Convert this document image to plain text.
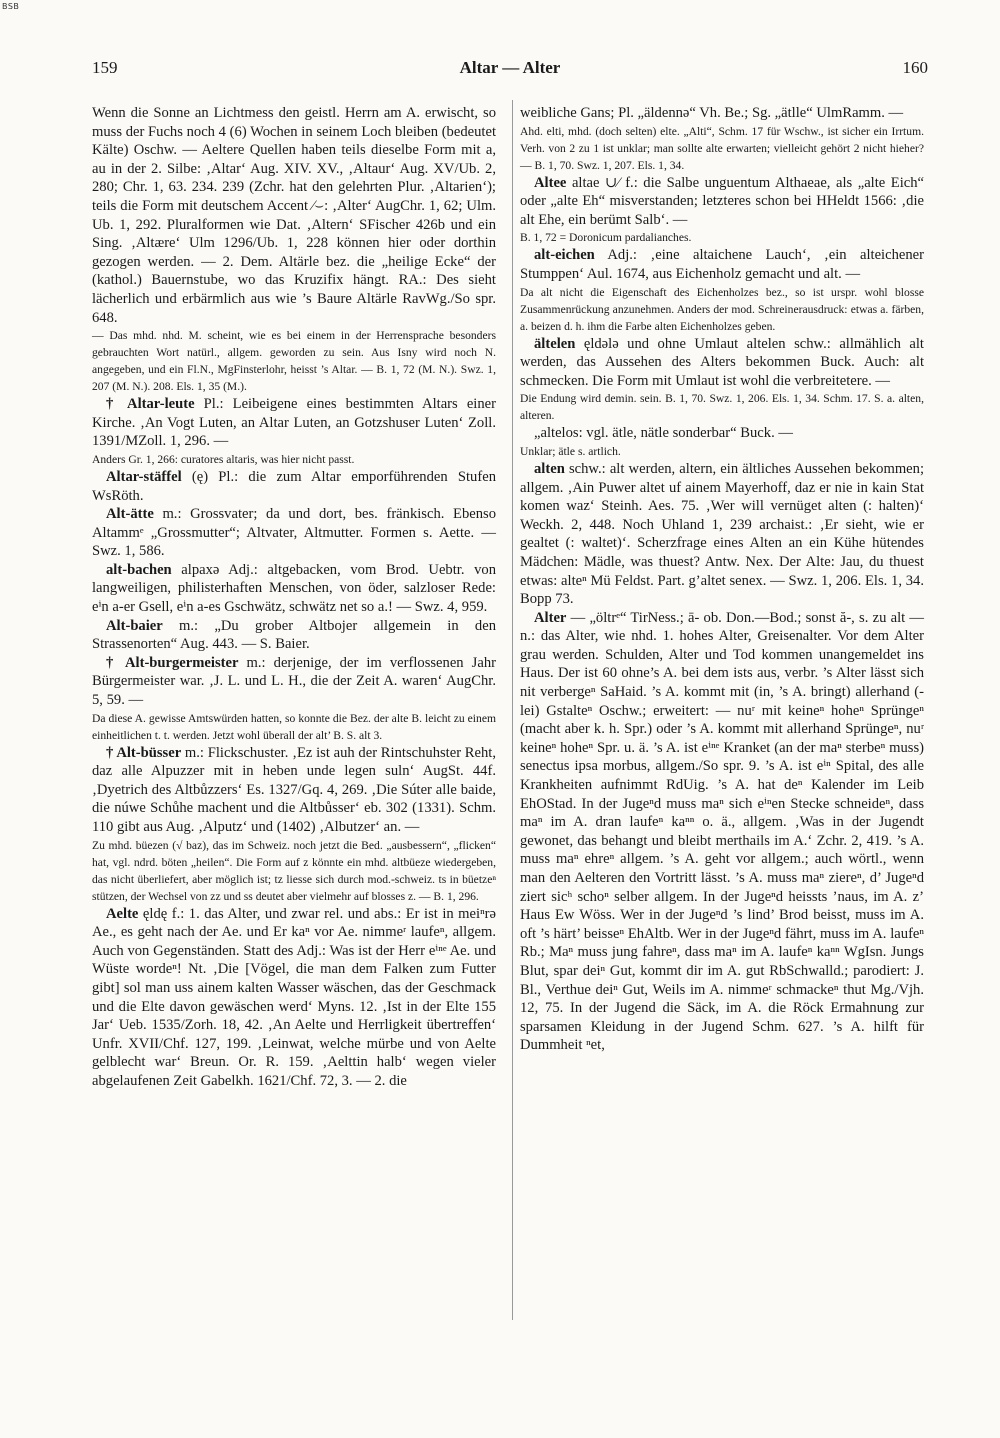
BSB
159	Altar — Alter	160

Wenn die Sonne an Lichtmess den geistl. Herrn am A. erwischt, so muss der Fuchs noch 4 (6) Wochen in seinem Loch bleiben (bedeutet Kälte) Oschw. — Aeltere Quellen haben teils dieselbe Form mit a, au in der 2. Silbe: ‚Altar‘ Aug. XIV. XV., ‚Altaur‘ Aug. XV/Ub. 2, 280; Chr. 1, 63. 234. 239 (Zchr. hat den gelehrten Plur. ‚Altarien‘); teils die Form mit deutschem Accent ∕⌣: ‚Alter‘ AugChr. 1, 62; Ulm. Ub. 1, 292. Pluralformen wie Dat. ‚Altern‘ SFischer 426b und ein Sing. ‚Altære‘ Ulm 1296/Ub. 1, 228 können hier oder dorthin gezogen werden. — 2. Dem. Altärle bez. die „heilige Ecke“ der (kathol.) Bauernstube, wo das Kruzifix hängt. RA.: Des sieht lächerlich und erbärmlich aus wie ’s Baure Altärle RavWg./So spr. 648.

— Das mhd. nhd. M. scheint, wie es bei einem in der Herrensprache besonders gebrauchten Wort natürl., allgem. geworden zu sein. Aus Isny wird noch N. angegeben, und ein Fl.N., MgFinsterlohr, heisst ’s Altar. — B. 1, 72 (M. N.). Swz. 1, 207 (M. N.). 208. Els. 1, 35 (M.).

† Altar-leute Pl.: Leibeigene eines bestimmten Altars einer Kirche. ‚An Vogt Luten, an Altar Luten, an Gotzshuser Luten‘ Zoll. 1391/MZoll. 1, 296. —

Anders Gr. 1, 266: curatores altaris, was hier nicht passt.

Altar-stäffel (ę) Pl.: die zum Altar emporführenden Stufen WsRöth.

Alt-ätte m.: Grossvater; da und dort, bes. fränkisch. Ebenso Altammᵉ „Grossmutter“; Altvater, Altmutter. Formen s. Aette. — Swz. 1, 586.

alt-bachen alpaxə Adj.: altgebacken, vom Brod. Uebtr. von langweiligen, philisterhaften Menschen, von öder, salzloser Rede: eⁱn a-er Gsell, eⁱn a-es Gschwätz, schwätz net so a.! — Swz. 4, 959.

Alt-baier m.: „Du grober Altbojer allgemein in den Strassenorten“ Aug. 443. — S. Baier.

† Alt-burgermeister m.: derjenige, der im verflossenen Jahr Bürgermeister war. ‚J. L. und L. H., die der Zeit A. waren‘ AugChr. 5, 59. —

Da diese A. gewisse Amtswürden hatten, so konnte die Bez. der alte B. leicht zu einem einheitlichen t. t. werden. Jetzt wohl überall der alt’ B. S. alt 3.

† Alt-büsser m.: Flickschuster. ‚Ez ist auh der Rintschuhster Reht, daz alle Alpuzzer mit in heben unde legen suln‘ AugSt. 44f. ‚Dyetrich des Altbůzzers‘ Es. 1327/Gq. 4, 269. ‚Die Súter alle baide, die núwe Schůhe machent und die Altbůsser‘ eb. 302 (1331). Schm. 110 gibt aus Aug. ‚Alputz‘ und (1402) ‚Albutzer‘ an. —

Zu mhd. büezen (√ baz), das im Schweiz. noch jetzt die Bed. „ausbessern“, „flicken“ hat, vgl. ndrd. böten „heilen“. Die Form auf z könnte ein mhd. altbüeze wiedergeben, das nicht überliefert, aber möglich ist; tz liesse sich durch mod.-schweiz. ts in büetzeⁿ stützen, der Wechsel von zz und ss deutet aber vielmehr auf blosses z. — B. 1, 296.

Aelte ęldę f.: 1. das Alter, und zwar rel. und abs.: Er ist in meiⁿrə Ae., es geht nach der Ae. und Er kaⁿ vor Ae. nimmeʳ laufeⁿ, allgem. Auch von Gegenständen. Statt des Adj.: Was ist der Herr eⁱⁿᵉ Ae. und Wüste wordeⁿ! Nt. ‚Die [Vögel, die man dem Falken zum Futter gibt] sol man uss ainem kalten Wasser wäschen, das der Geschmack und die Elte davon gewäschen werd‘ Myns. 12. ‚Ist in der Elte 155 Jar‘ Ueb. 1535/Zorh. 18, 42. ‚An Aelte und Herrligkeit übertreffen‘ Unfr. XVII/Chf. 127, 199. ‚Leinwat, welche mürbe und von Aelte gelblecht war‘ Breun. Or. R. 159. ‚Aelttin halb‘ wegen vieler abgelaufenen Zeit Gabelkh. 1621/Chf. 72, 3. — 2. die

weibliche Gans; Pl. „äldennə“ Vh. Be.; Sg. „ätlle“ UlmRamm. —

Ahd. elti, mhd. (doch selten) elte. „Alti“, Schm. 17 für Wschw., ist sicher ein Irrtum. Verh. von 2 zu 1 ist unklar; man sollte alte erwarten; vielleicht gehört 2 nicht hieher? — B. 1, 70. Swz. 1, 207. Els. 1, 34.

Altee altae ∪∕ f.: die Salbe unguentum Althaeae, als „alte Eich“ oder „alte Eh“ misverstanden; letzteres schon bei HHeldt 1566: ‚die alt Ehe, ein berümt Salb‘. —

B. 1, 72 = Doronicum pardalianches.

alt-eichen Adj.: ‚eine altaichene Lauch‘, ‚ein alteichener Stumppen‘ Aul. 1674, aus Eichenholz gemacht und alt. —

Da alt nicht die Eigenschaft des Eichenholzes bez., so ist urspr. wohl blosse Zusammenrückung anzunehmen. Anders der mod. Schreinerausdruck: etwas a. färben, a. beizen d. h. ihm die Farbe alten Eichenholzes geben.

ältelen ęldələ und ohne Umlaut altelen schw.: allmählich alt werden, das Aussehen des Alters bekommen Buck. Auch: alt schmecken. Die Form mit Umlaut ist wohl die verbreitetere. —

Die Endung wird demin. sein. B. 1, 70. Swz. 1, 206. Els. 1, 34. Schm. 17. S. a. alten, alteren.

„altelos: vgl. ätle, nätle sonderbar“ Buck. —

Unklar; ätle s. artlich.

alten schw.: alt werden, altern, ein ältliches Aussehen bekommen; allgem. ‚Ain Puwer altet uf ainem Mayerhoff, daz er nie in kain Stat komen waz‘ Steinh. Aes. 75. ‚Wer will vernüget alten (: halten)‘ Weckh. 2, 448. Noch Uhland 1, 239 archaist.: ‚Er sieht, wie er gealtet (: waltet)‘. Scherzfrage eines Alten an ein Kühe hütendes Mädchen: Mädle, was thuest? Antw. Nex. Der Alte: Jau, du thuest etwas: alteⁿ Mü Feldst. Part. g’altet senex. — Swz. 1, 206. Els. 1, 34. Bopp 73.

Alter — „öltrᵉ“ TirNess.; ā- ob. Don.—Bod.; sonst ă-, s. zu alt — n.: das Alter, wie nhd. 1. hohes Alter, Greisenalter. Vor dem Alter grau werden. Schulden, Alter und Tod kommen unangemeldet ins Haus. Der ist 60 ohne’s A. bei dem ists aus, verbr. ’s Alter lässt sich nit verbergeⁿ SaHaid. ’s A. kommt mit (in, ’s A. bringt) allerhand (-lei) Gstalteⁿ Oschw.; erweitert: — nuʳ mit keineⁿ hoheⁿ Sprüngeⁿ (macht aber k. h. Spr.) oder ’s A. kommt mit allerhand Sprüngeⁿ, nuʳ keineⁿ hoheⁿ Spr. u. ä. ’s A. ist eⁱⁿᵉ Kranket (an der maⁿ sterbeⁿ muss) senectus ipsa morbus, allgem./So spr. 9. ’s A. ist eⁱⁿ Spital, des alle Krankheiten aufnimmt RdUig. ’s A. hat deⁿ Kalender im Leib EhOStad. In der Jugeⁿd muss maⁿ sich eⁱⁿen Stecke schneideⁿ, dass maⁿ im A. dran laufeⁿ kaⁿⁿ o. ä., allgem. ‚Was in der Jugendt gewonet, das behangt und bleibt merthails im A.‘ Zchr. 2, 419. ’s A. muss maⁿ ehreⁿ allgem. ’s A. geht vor allgem.; auch wörtl., wenn man den Aelteren den Vortritt lässt. ’s A. muss maⁿ ziereⁿ, d’ Jugeⁿd ziert sicʰ schoⁿ selber allgem. In der Jugeⁿd heissts ’naus, im A. z’ Haus Ew Wöss. Wer in der Jugeⁿd ’s lind’ Brod beisst, muss im A. oft ’s härt’ beisseⁿ EhAltb. Wer in der Jugeⁿd fährt, muss im A. laufeⁿ Rb.; Maⁿ muss jung fahreⁿ, dass maⁿ im A. laufeⁿ kaⁿⁿ WgIsn. Jungs Blut, spar deiⁿ Gut, kommt dir im A. gut RbSchwalld.; parodiert: J. Bl., Verthue deiⁿ Gut, Weils im A. nimmeʳ schmackeⁿ thut Mg./Vjh. 12, 75. In der Jugend die Säck, im A. die Röck Ermahnung zur sparsamen Kleidung in der Jugend Schm. 627. ’s A. hilft für Dummheit ⁿet,
